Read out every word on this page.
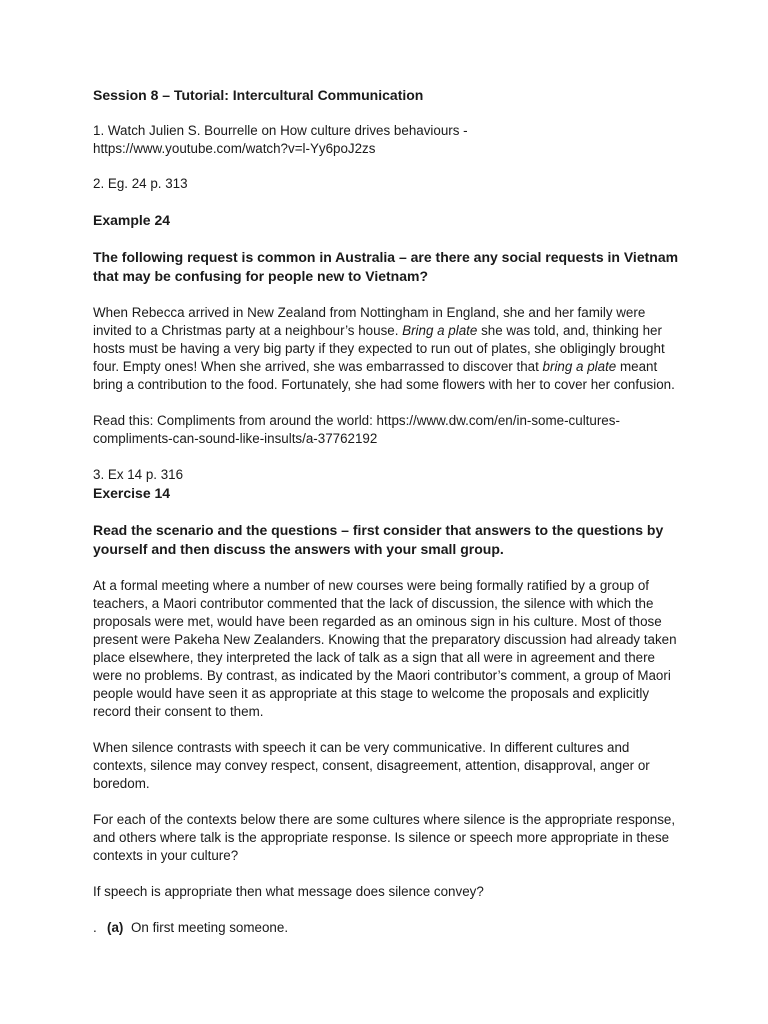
Session 8 – Tutorial: Intercultural Communication

1. Watch Julien S. Bourrelle on How culture drives behaviours -
https://www.youtube.com/watch?v=l-Yy6poJ2zs

2. Eg. 24 p. 313

Example 24

The following request is common in Australia – are there any social requests in Vietnam that may be confusing for people new to Vietnam?

When Rebecca arrived in New Zealand from Nottingham in England, she and her family were invited to a Christmas party at a neighbour’s house. Bring a plate she was told, and, thinking her hosts must be having a very big party if they expected to run out of plates, she obligingly brought four. Empty ones! When she arrived, she was embarrassed to discover that bring a plate meant bring a contribution to the food. Fortunately, she had some flowers with her to cover her confusion.

Read this: Compliments from around the world: https://www.dw.com/en/in-some-cultures-
compliments-can-sound-like-insults/a-37762192

3. Ex 14 p. 316

Exercise 14

Read the scenario and the questions – first consider that answers to the questions by yourself and then discuss the answers with your small group.

At a formal meeting where a number of new courses were being formally ratified by a group of teachers, a Maori contributor commented that the lack of discussion, the silence with which the proposals were met, would have been regarded as an ominous sign in his culture. Most of those present were Pakeha New Zealanders. Knowing that the preparatory discussion had already taken place elsewhere, they interpreted the lack of talk as a sign that all were in agreement and there were no problems. By contrast, as indicated by the Maori contributor’s comment, a group of Maori people would have seen it as appropriate at this stage to welcome the proposals and explicitly record their consent to them.

When silence contrasts with speech it can be very communicative. In different cultures and contexts, silence may convey respect, consent, disagreement, attention, disapproval, anger or boredom.

For each of the contexts below there are some cultures where silence is the appropriate response, and others where talk is the appropriate response. Is silence or speech more appropriate in these contexts in your culture?

If speech is appropriate then what message does silence convey?

. (a) On first meeting someone.
